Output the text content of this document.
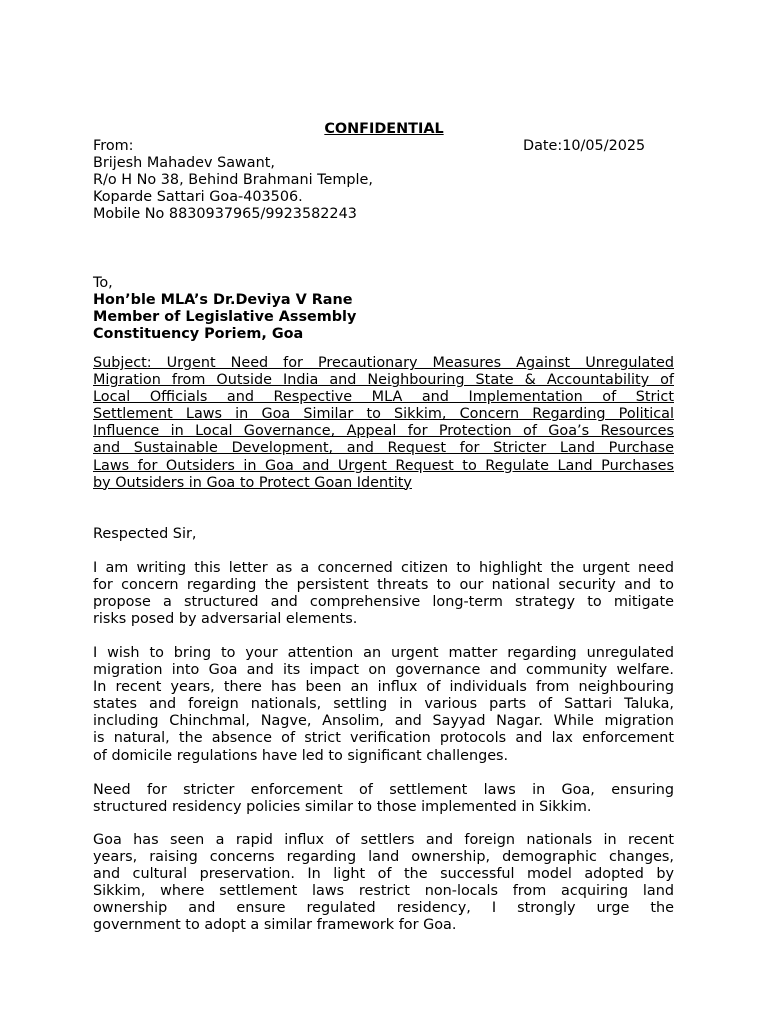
CONFIDENTIAL
From:	Date:10/05/2025
Brijesh Mahadev Sawant,
R/o H No 38, Behind Brahmani Temple,
Koparde Sattari Goa-403506.
Mobile No 8830937965/9923582243
To,
Hon’ble MLA’s Dr.Deviya V Rane
Member of Legislative Assembly
Constituency Poriem, Goa
Subject: Urgent Need for Precautionary Measures Against Unregulated
Migration from Outside India and Neighbouring State & Accountability of
Local Officials and Respective MLA and Implementation of Strict
Settlement Laws in Goa Similar to Sikkim, Concern Regarding Political
Influence in Local Governance, Appeal for Protection of Goa’s Resources
and Sustainable Development, and Request for Stricter Land Purchase
Laws for Outsiders in Goa and Urgent Request to Regulate Land Purchases
by Outsiders in Goa to Protect Goan Identity
Respected Sir,
I am writing this letter as a concerned citizen to highlight the urgent need
for concern regarding the persistent threats to our national security and to
propose a structured and comprehensive long-term strategy to mitigate
risks posed by adversarial elements.
I wish to bring to your attention an urgent matter regarding unregulated
migration into Goa and its impact on governance and community welfare.
In recent years, there has been an influx of individuals from neighbouring
states and foreign nationals, settling in various parts of Sattari Taluka,
including Chinchmal, Nagve, Ansolim, and Sayyad Nagar. While migration
is natural, the absence of strict verification protocols and lax enforcement
of domicile regulations have led to significant challenges.
Need for stricter enforcement of settlement laws in Goa, ensuring
structured residency policies similar to those implemented in Sikkim.
Goa has seen a rapid influx of settlers and foreign nationals in recent
years, raising concerns regarding land ownership, demographic changes,
and cultural preservation. In light of the successful model adopted by
Sikkim, where settlement laws restrict non-locals from acquiring land
ownership and ensure regulated residency, I strongly urge the
government to adopt a similar framework for Goa.
